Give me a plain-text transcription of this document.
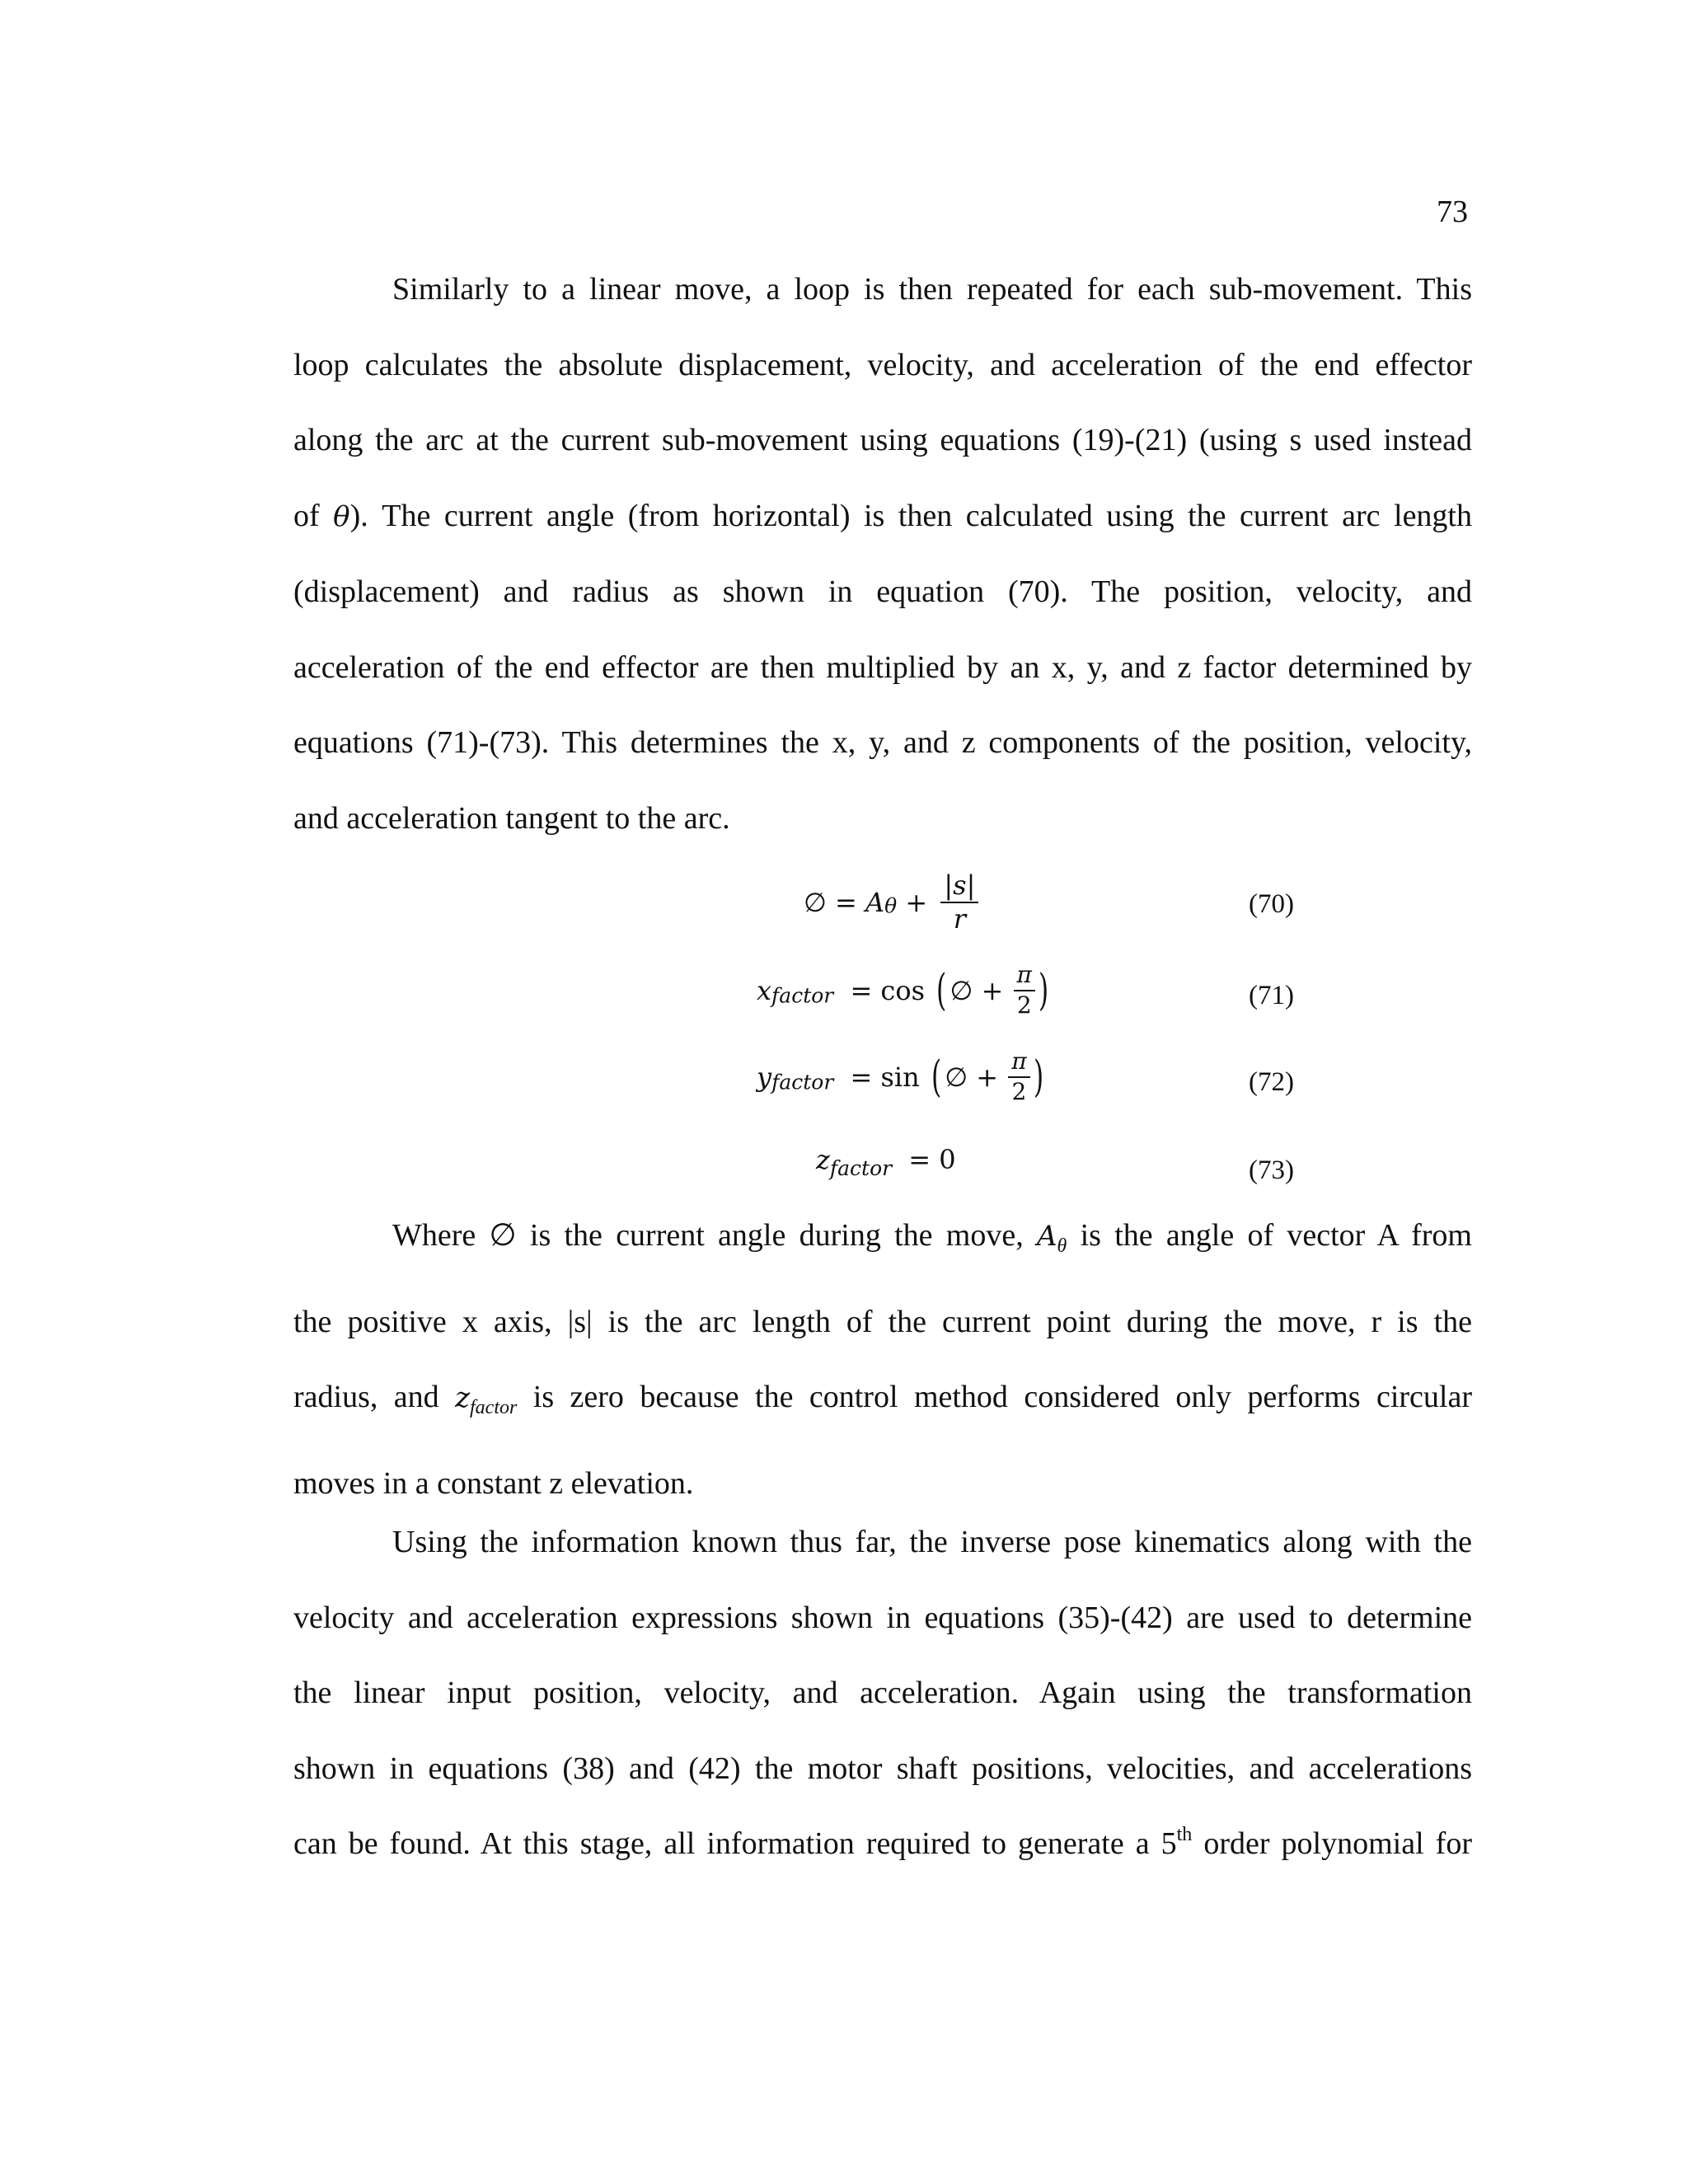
73
Similarly to a linear move, a loop is then repeated for each sub-movement. This
loop calculates the absolute displacement, velocity, and acceleration of the end effector
along the arc at the current sub-movement using equations (19)-(21) (using s used instead
of θ). The current angle (from horizontal) is then calculated using the current arc length
(displacement) and radius as shown in equation (70). The position, velocity, and
acceleration of the end effector are then multiplied by an x, y, and z factor determined by
equations (71)-(73). This determines the x, y, and z components of the position, velocity,
and acceleration tangent to the arc.
∅ = $A\theta + \frac{|s|}{r}$	(70)
xfactor = cos ( ∅ + $\frac{\pi}{2}$ )	(71)
yfactor = sin ( ∅ + $\frac{\pi}{2}$ )	(72)
$z_{factor} = 0$	(73)
Where ∅ is the current angle during the move, $A_\theta$ is the angle of vector A from
the positive x axis, |s| is the arc length of the current point during the move, r is the
radius, and $z_{factor}$ is zero because the control method considered only performs circular
moves in a constant z elevation.
Using the information known thus far, the inverse pose kinematics along with the
velocity and acceleration expressions shown in equations (35)-(42) are used to determine
the linear input position, velocity, and acceleration. Again using the transformation
shown in equations (38) and (42) the motor shaft positions, velocities, and accelerations
can be found. At this stage, all information required to generate a 5th order polynomial for
